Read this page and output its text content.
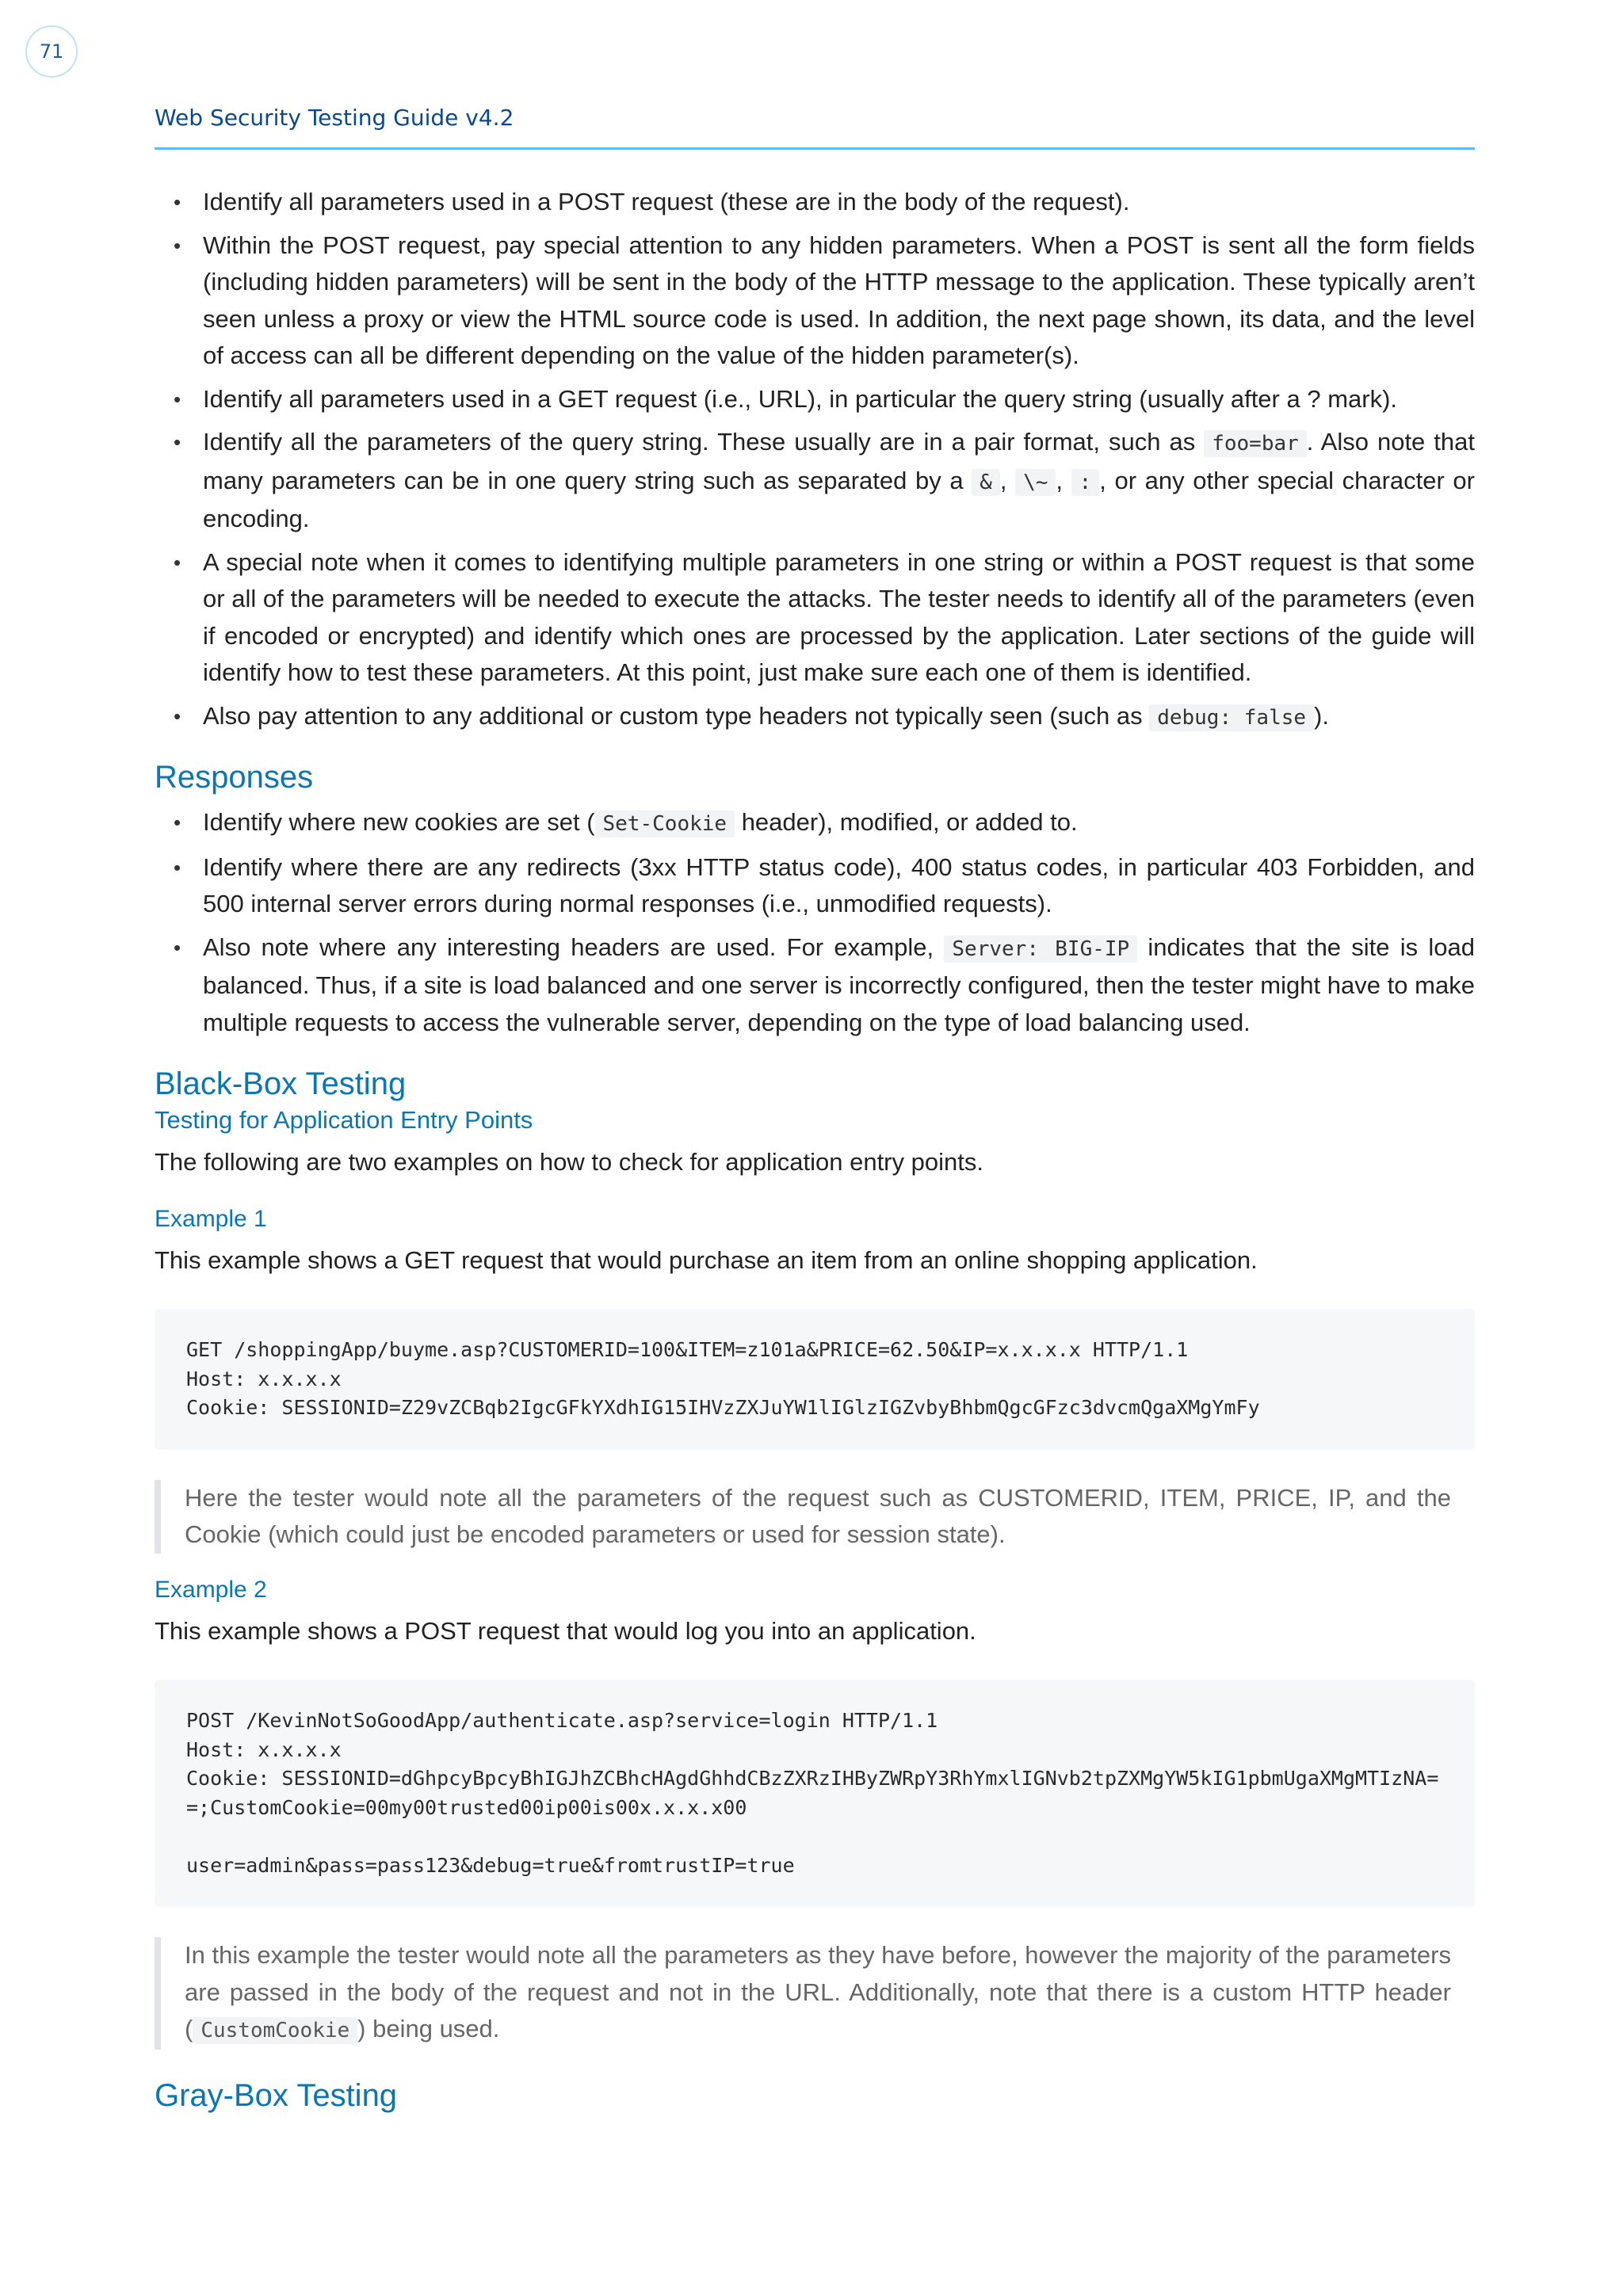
71
Web Security Testing Guide v4.2
• Identify all parameters used in a POST request (these are in the body of the request).
• Within the POST request, pay special attention to any hidden parameters. When a POST is sent all the form fields (including hidden parameters) will be sent in the body of the HTTP message to the application. These typically aren’t seen unless a proxy or view the HTML source code is used. In addition, the next page shown, its data, and the level of access can all be different depending on the value of the hidden parameter(s).
• Identify all parameters used in a GET request (i.e., URL), in particular the query string (usually after a ? mark).
• Identify all the parameters of the query string. These usually are in a pair format, such as foo=bar . Also note that many parameters can be in one query string such as separated by a & , \~ , : , or any other special character or encoding.
• A special note when it comes to identifying multiple parameters in one string or within a POST request is that some or all of the parameters will be needed to execute the attacks. The tester needs to identify all of the parameters (even if encoded or encrypted) and identify which ones are processed by the application. Later sections of the guide will identify how to test these parameters. At this point, just make sure each one of them is identified.
• Also pay attention to any additional or custom type headers not typically seen (such as debug: false ).
Responses
• Identify where new cookies are set ( Set-Cookie header), modified, or added to.
• Identify where there are any redirects (3xx HTTP status code), 400 status codes, in particular 403 Forbidden, and 500 internal server errors during normal responses (i.e., unmodified requests).
• Also note where any interesting headers are used. For example, Server: BIG-IP indicates that the site is load balanced. Thus, if a site is load balanced and one server is incorrectly configured, then the tester might have to make multiple requests to access the vulnerable server, depending on the type of load balancing used.
Black-Box Testing
Testing for Application Entry Points

The following are two examples on how to check for application entry points.

Example 1

This example shows a GET request that would purchase an item from an online shopping application.

GET /shoppingApp/buyme.asp?CUSTOMERID=100&ITEM=z101a&PRICE=62.50&IP=x.x.x.x HTTP/1.1
Host: x.x.x.x
Cookie: SESSIONID=Z29vZCBqb2IgcGFkYXdhIG15IHVzZXJuYW1lIGlzIGZvbyBhbmQgcGFzc3dvcmQgaXMgYmFy
Here the tester would note all the parameters of the request such as CUSTOMERID, ITEM, PRICE, IP, and the Cookie (which could just be encoded parameters or used for session state).
Example 2

This example shows a POST request that would log you into an application.

POST /KevinNotSoGoodApp/authenticate.asp?service=login HTTP/1.1
Host: x.x.x.x
Cookie: SESSIONID=dGhpcyBpcyBhIGJhZCBhcHAgdGhhdCBzZXRzIHByZWRpY3RhYmxlIGNvb2tpZXMgYW5kIG1pbmUgaXMgMTIzNA==;CustomCookie=00my00trusted00ip00is00x.x.x.x00

user=admin&pass=pass123&debug=true&fromtrustIP=true
In this example the tester would note all the parameters as they have before, however the majority of the parameters are passed in the body of the request and not in the URL. Additionally, note that there is a custom HTTP header ( CustomCookie ) being used.
Gray-Box Testing
